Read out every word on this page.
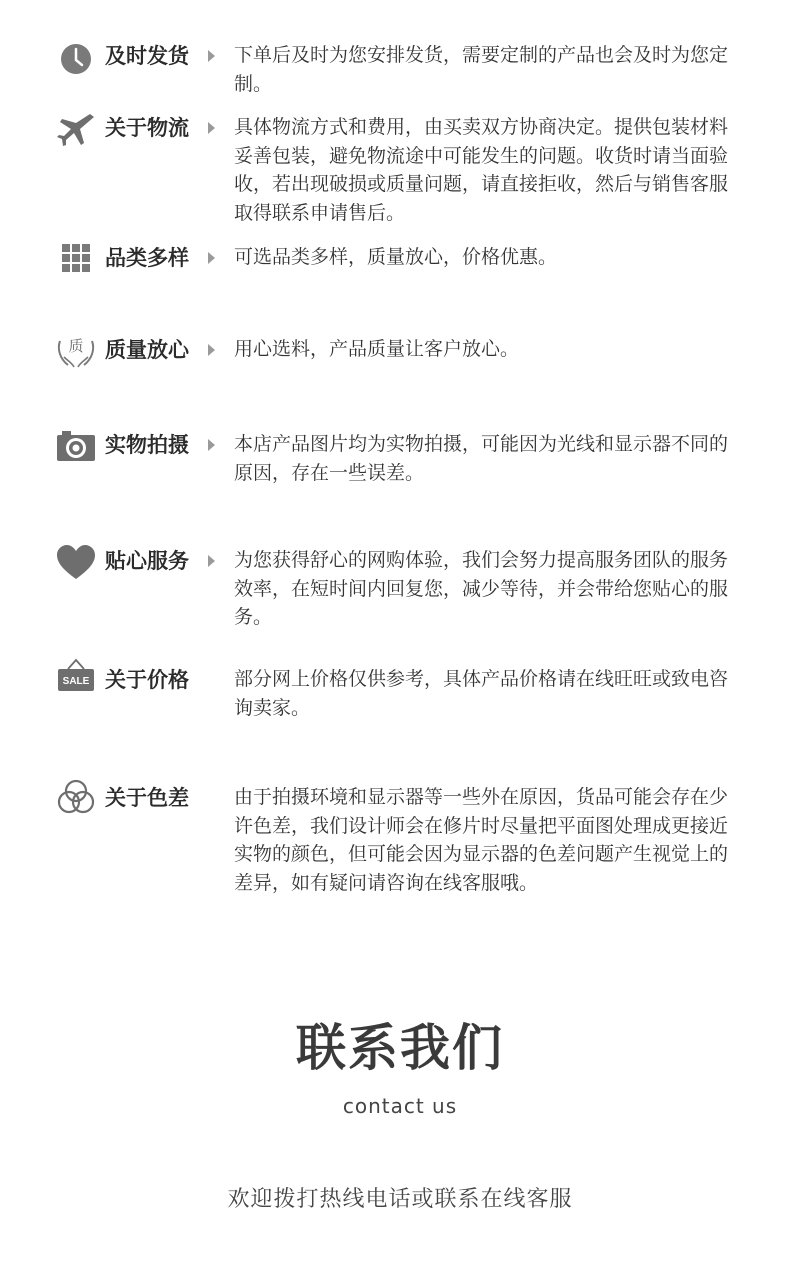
及时发货 下单后及时为您安排发货，需要定制的产品也会及时为您定制。
关于物流 具体物流方式和费用，由买卖双方协商决定。提供包装材料妥善包装，避免物流途中可能发生的问题。收货时请当面验收，若出现破损或质量问题，请直接拒收，然后与销售客服取得联系申请售后。
品类多样 可选品类多样，质量放心，价格优惠。
质 质量放心 用心选料，产品质量让客户放心。
实物拍摄 本店产品图片均为实物拍摄，可能因为光线和显示器不同的原因，存在一些误差。
贴心服务 为您获得舒心的网购体验，我们会努力提高服务团队的服务效率，在短时间内回复您，减少等待，并会带给您贴心的服务。
SALE 关于价格 部分网上价格仅供参考，具体产品价格请在线旺旺或致电咨询卖家。
关于色差 由于拍摄环境和显示器等一些外在原因，货品可能会存在少许色差，我们设计师会在修片时尽量把平面图处理成更接近实物的颜色，但可能会因为显示器的色差问题产生视觉上的差异，如有疑问请咨询在线客服哦。
联系我们
contact us
欢迎拨打热线电话或联系在线客服
